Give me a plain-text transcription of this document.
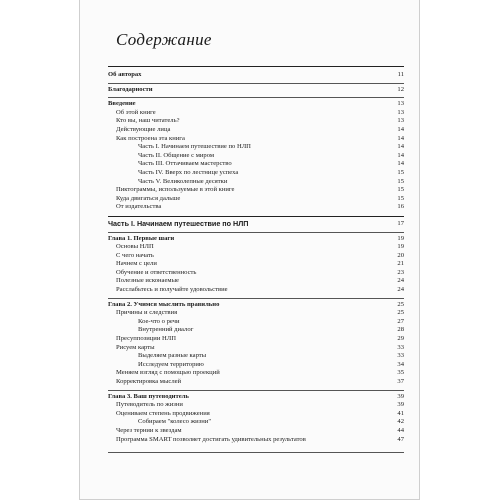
Содержание
Об авторах	11
Благодарности	12
Введение	13
Об этой книге	13
Кто вы, наш читатель?	13
Действующие лица	14
Как построена эта книга	14
Часть I. Начинаем путешествие по НЛП	14
Часть II. Общение с миром	14
Часть III. Оттачиваем мастерство	14
Часть IV. Вверх по лестнице успеха	15
Часть V. Великолепные десятки	15
Пиктограммы, используемые в этой книге	15
Куда двигаться дальше	15
От издательства	16
Часть I. Начинаем путешествие по НЛП	17
Глава 1. Первые шаги	19
Основы НЛП	19
С чего начать	20
Начнем с цели	21
Обучение и ответственность	23
Полезные исконаемые	24
Расслабьтесь и получайте удовольствие	24
Глава 2. Учимся мыслить правильно	25
Причины и следствия	25
Кое-что о речи	27
Внутренний диалог	28
Пресуппозиции НЛП	29
Рисуем карты	33
Выделяем разные карты	33
Исследуем территорию	34
Меняем взгляд с помощью проекций	35
Корректировка мыслей	37
Глава 3. Ваш путеводитель	39
Путеводитель по жизни	39
Оцениваем степень продвижения	41
Собираем "колесо жизни"	42
Через тернии к звездам	44
Программа SMART позволяет достигать удивительных результатов	47
